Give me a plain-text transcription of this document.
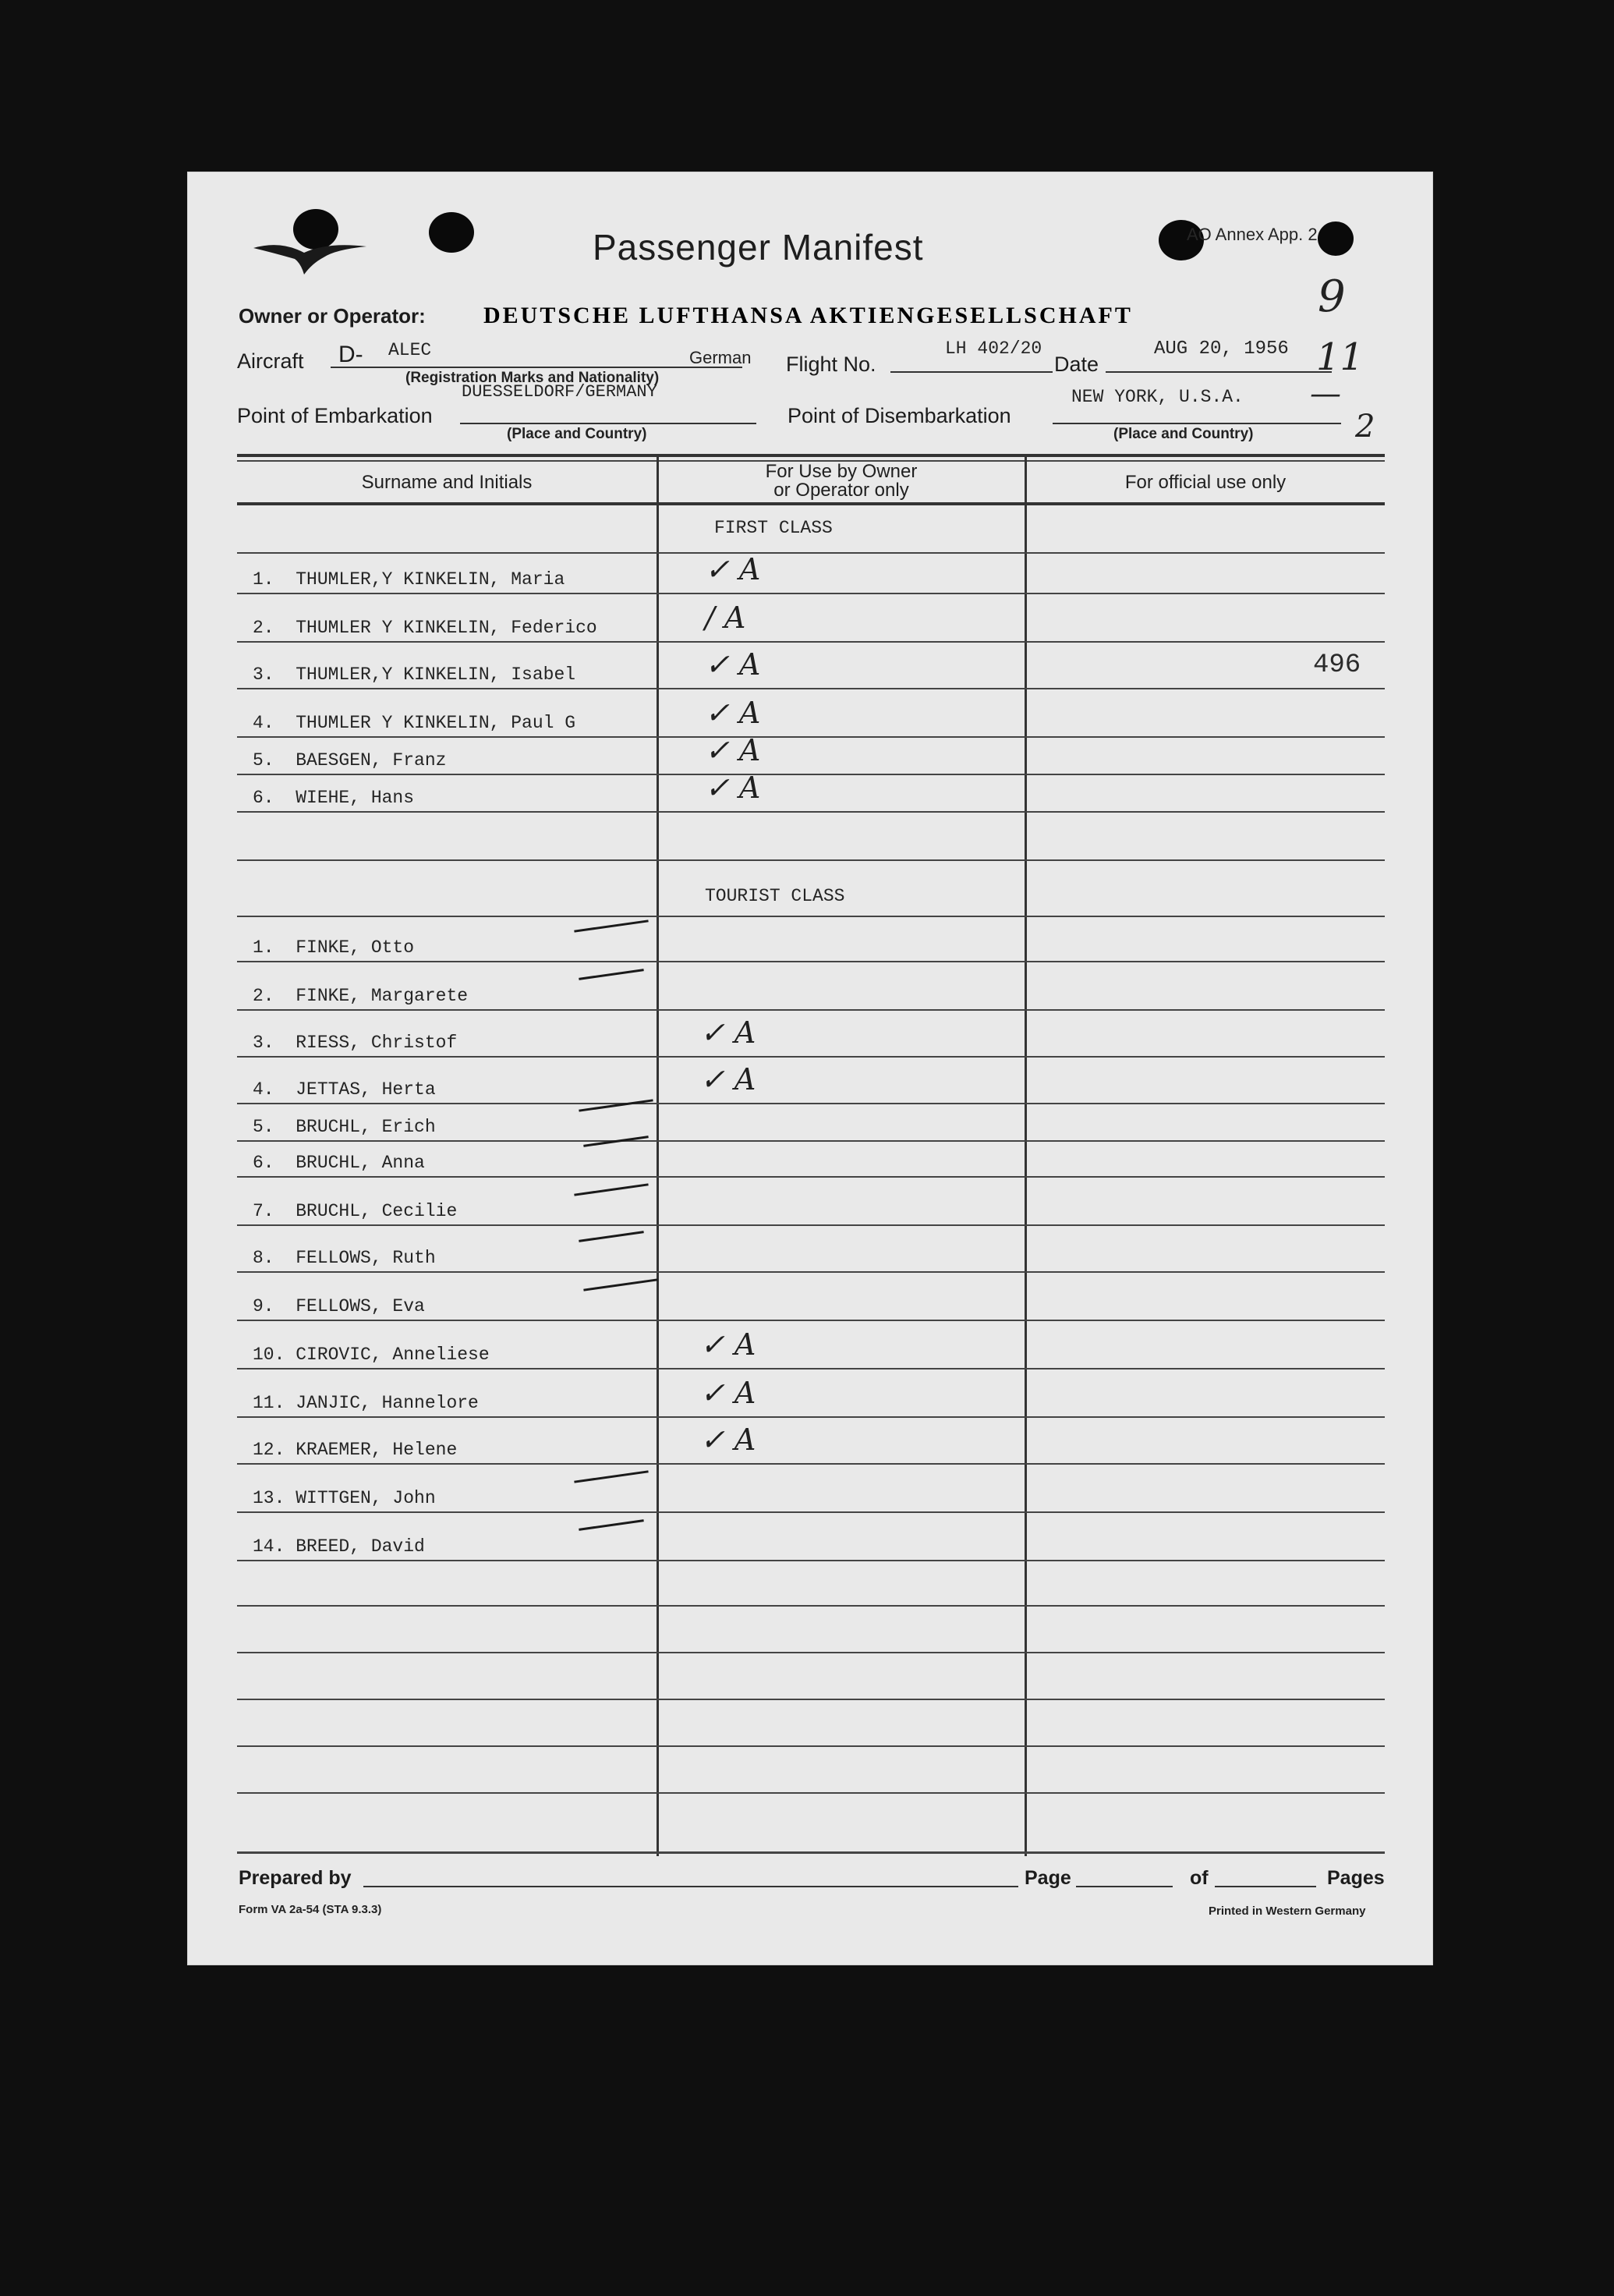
Passenger Manifest	AO Annex App. 2
Owner or Operator: DEUTSCHE LUFTHANSA AKTIENGESELLSCHAFT	9
Aircraft D- ALEC	German
(Registration Marks and Nationality)
Flight No.
LH 402/20
Date
AUG 20, 1956 11
DUESSELDORF/GERMANY
Point of Embarkation
(Place and Country)
Point of Disembarkation
NEW YORK, U.S.A.
(Place and Country)
—
2
Surname and Initials
For Use by Owner
or Operator only	For official use only
FIRST CLASS
TOURIST CLASS
1.  THUMLER,Y KINKELIN, Maria	✓ A
2.  THUMLER Y KINKELIN, Federico	/ A
3.  THUMLER,Y KINKELIN, Isabel	✓ A	496
4.  THUMLER Y KINKELIN, Paul G	✓ A
5.  BAESGEN, Franz	✓ A
6.  WIEHE, Hans	✓ A
1.  FINKE, Otto
2.  FINKE, Margarete
3.  RIESS, Christof	✓ A
4.  JETTAS, Herta	✓ A
5.  BRUCHL, Erich
6.  BRUCHL, Anna
7.  BRUCHL, Cecilie
8.  FELLOWS, Ruth
9.  FELLOWS, Eva
10. CIROVIC, Anneliese	✓ A
11. JANJIC, Hannelore	✓ A
12. KRAEMER, Helene	✓ A
13. WITTGEN, John
14. BREED, David
Prepared by	Page	of	Pages
Form VA 2a-54 (STA 9.3.3)	Printed in Western Germany
